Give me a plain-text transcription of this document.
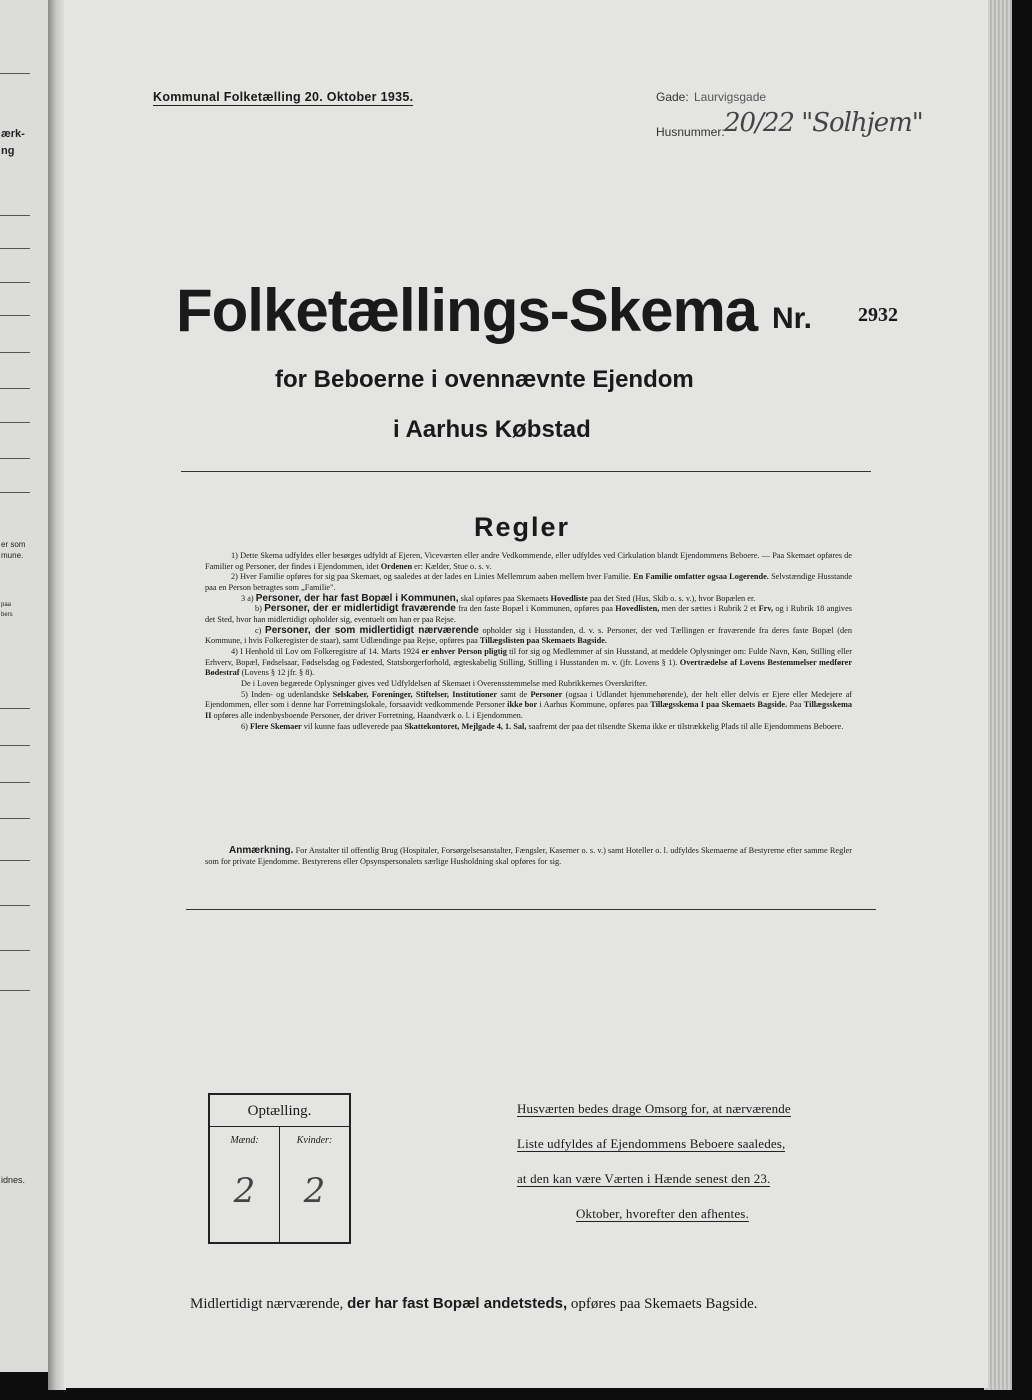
ærk-
ng
er som
mune.
paa
bers
idnes.
Kommunal Folketælling 20. Oktober 1935.	Gade: Laurvigsgade
Husnummer: 20/22 "Solhjem"
Folketællings-Skema Nr. 2932
for Beboerne i ovennævnte Ejendom
i Aarhus Købstad
Regler

1) Dette Skema udfyldes eller besørges udfyldt af Ejeren, Viceværten eller andre Vedkommende, eller udfyldes ved Cirkulation blandt Ejendommens Beboere. — Paa Skemaet opføres de Familier og Personer, der findes i Ejendommen, idet Ordenen er: Kælder, Stue o. s. v.

2) Hver Familie opføres for sig paa Skemaet, og saaledes at der lades en Linies Mellemrum aaben mellem hver Familie. En Familie omfatter ogsaa Logerende. Selvstændige Husstande paa en Person betragtes som „Familie".

3 a) Personer, der har fast Bopæl i Kommunen, skal opføres paa Skemaets Hovedliste paa det Sted (Hus, Skib o. s. v.), hvor Bopælen er.

b) Personer, der er midlertidigt fraværende fra den faste Bopæl i Kommunen, opføres paa Hovedlisten, men der sættes i Rubrik 2 et Frv, og i Rubrik 18 angives det Sted, hvor han midlertidigt opholder sig, eventuelt om han er paa Rejse.

c) Personer, der som midlertidigt nærværende opholder sig i Husstanden, d. v. s. Personer, der ved Tællingen er fraværende fra deres faste Bopæl (den Kommune, i hvis Folkeregister de staar), samt Udlændinge paa Rejse, opføres paa Tillægslisten paa Skemaets Bagside.

4) I Henhold til Lov om Folkeregistre af 14. Marts 1924 er enhver Person pligtig til for sig og Medlemmer af sin Husstand, at meddele Oplysninger om: Fulde Navn, Køn, Stilling eller Erhverv, Bopæl, Fødselsaar, Fødselsdag og Fødested, Statsborgerforhold, ægteskabelig Stilling, Stilling i Husstanden m. v. (jfr. Lovens § 1). Overtrædelse af Lovens Bestemmelser medfører Bødestraf (Lovens § 12 jfr. § 8).

De i Loven begærede Oplysninger gives ved Udfyldelsen af Skemaet i Overensstemmelse med Rubrikkernes Overskrifter.

5) Inden- og udenlandske Selskaber, Foreninger, Stiftelser, Institutioner samt de Personer (ogsaa i Udlandet hjemmehørende), der helt eller delvis er Ejere eller Medejere af Ejendommen, eller som i denne har Forretningslokale, forsaavidt vedkommende Personer ikke bor i Aarhus Kommune, opføres paa Tillægsskema I paa Skemaets Bagside. Paa Tillægsskema II opføres alle indenbysboende Personer, der driver Forretning, Haandværk o. l. i Ejendommen.

6) Flere Skemaer vil kunne faas udleverede paa Skattekontoret, Mejlgade 4, 1. Sal, saafremt der paa det tilsendte Skema ikke er tilstrækkelig Plads til alle Ejendommens Beboere.

Anmærkning. For Anstalter til offentlig Brug (Hospitaler, Forsørgelsesanstalter, Fængsler, Kaserner o. s. v.) samt Hoteller o. l. udfyldes Skemaerne af Bestyrerne efter samme Regler som for private Ejendomme. Bestyrerens eller Opsynspersonalets særlige Husholdning skal opføres for sig.

Optælling.
Mænd:	Kvinder:
2	2
Husværten bedes drage Omsorg for, at nærværende
Liste udfyldes af Ejendommens Beboere saaledes,
at den kan være Værten i Hænde senest den 23.
Oktober, hvorefter den afhentes.
Midlertidigt nærværende, der har fast Bopæl andetsteds, opføres paa Skemaets Bagside.
